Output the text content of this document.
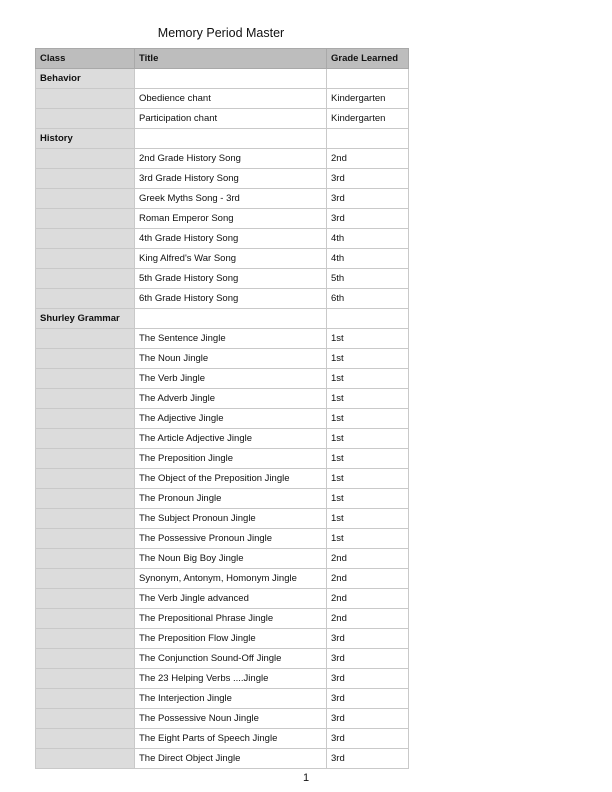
Memory Period Master
Class	Title	Grade Learned
Behavior		
	Obedience chant	Kindergarten
	Participation chant	Kindergarten
History		
	2nd Grade History Song	2nd
	3rd Grade History Song	3rd
	Greek Myths Song - 3rd	3rd
	Roman Emperor Song	3rd
	4th Grade History Song	4th
	King Alfred's War Song	4th
	5th Grade History Song	5th
	6th Grade History Song	6th
Shurley Grammar		
	The Sentence Jingle	1st
	The Noun Jingle	1st
	The Verb Jingle	1st
	The Adverb Jingle	1st
	The Adjective Jingle	1st
	The Article Adjective Jingle	1st
	The Preposition Jingle	1st
	The Object of the Preposition Jingle	1st
	The Pronoun Jingle	1st
	The Subject Pronoun Jingle	1st
	The Possessive Pronoun Jingle	1st
	The Noun Big Boy Jingle	2nd
	Synonym, Antonym, Homonym Jingle	2nd
	The Verb Jingle advanced	2nd
	The Prepositional Phrase Jingle	2nd
	The Preposition Flow Jingle	3rd
	The Conjunction Sound-Off Jingle	3rd
	The 23 Helping Verbs ....Jingle	3rd
	The Interjection Jingle	3rd
	The Possessive Noun Jingle	3rd
	The Eight Parts of Speech Jingle	3rd
	The Direct Object Jingle	3rd
1
